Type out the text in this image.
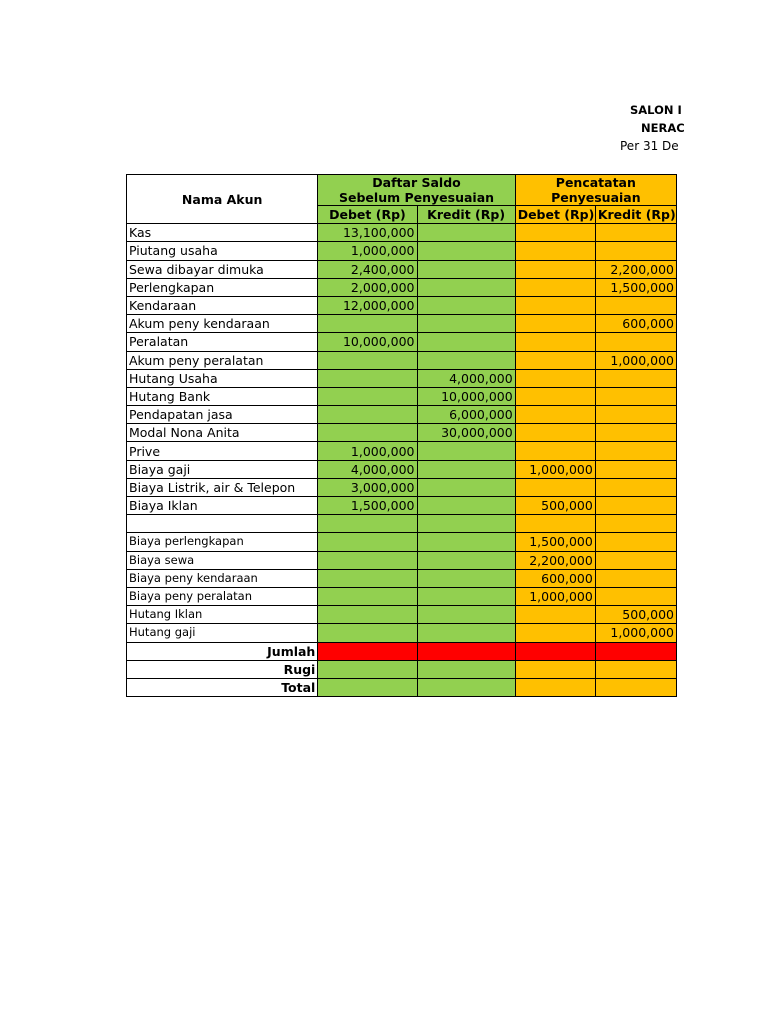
SALON I
NERAC
Per 31 De
Nama Akun	Daftar Saldo
Sebelum Penyesuaian		Pencatatan
Penyesuaian	
	Debet (Rp)	Kredit (Rp)	Debet (Rp)	Kredit (Rp)
Kas	13,100,000			
Piutang usaha	1,000,000			
Sewa dibayar dimuka	2,400,000			2,200,000
Perlengkapan	2,000,000			1,500,000
Kendaraan	12,000,000			
Akum peny kendaraan				600,000
Peralatan	10,000,000			
Akum peny peralatan				1,000,000
Hutang Usaha		4,000,000		
Hutang Bank		10,000,000		
Pendapatan jasa		6,000,000		
Modal Nona Anita		30,000,000		
Prive	1,000,000			
Biaya gaji	4,000,000		1,000,000	
Biaya Listrik, air & Telepon	3,000,000			
Biaya Iklan	1,500,000		500,000	

Biaya perlengkapan			1,500,000	
Biaya sewa			2,200,000	
Biaya peny kendaraan			600,000	
Biaya peny peralatan			1,000,000	
Hutang Iklan				500,000
Hutang gaji				1,000,000
Jumlah				
Rugi				
Total				
